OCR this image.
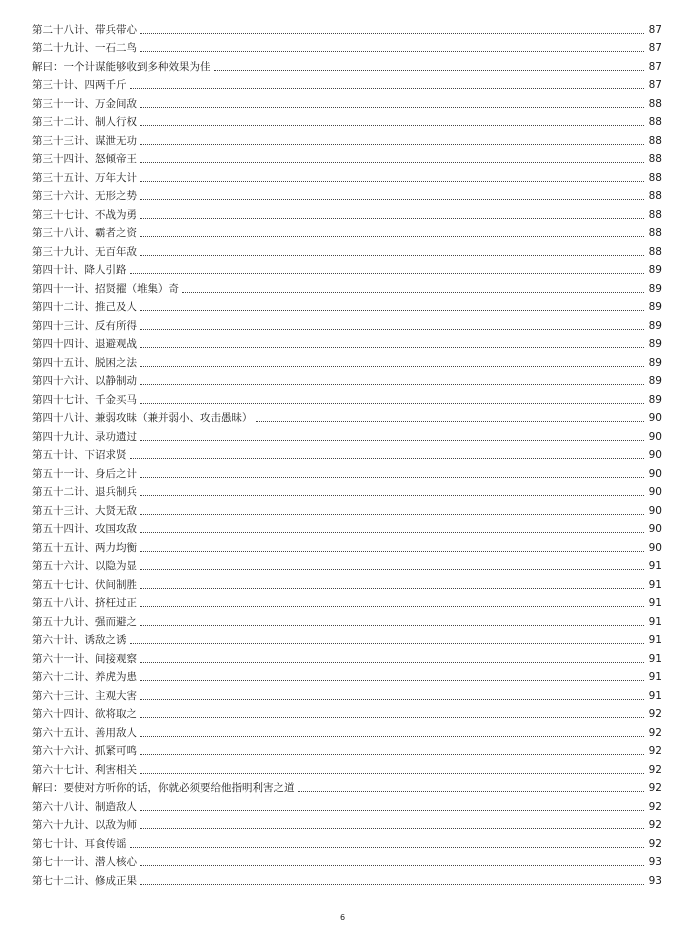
第二十八计、带兵带心	87
第二十九计、一石二鸟	87
解曰：一个计谋能够收到多种效果为佳	87
第三十计、四两千斤	87
第三十一计、万金间敌	88
第三十二计、制人行权	88
第三十三计、谋泄无功	88
第三十四计、怒倾帝王	88
第三十五计、万年大计	88
第三十六计、无形之势	88
第三十七计、不战为勇	88
第三十八计、霸者之资	88
第三十九计、无百年敌	88
第四十计、降人引路	89
第四十一计、招贤擢（堆集）奇	89
第四十二计、推己及人	89
第四十三计、反有所得	89
第四十四计、退避观战	89
第四十五计、脱困之法	89
第四十六计、以静制动	89
第四十七计、千金买马	89
第四十八计、兼弱攻昧（兼并弱小、攻击愚昧）	90
第四十九计、录功遗过	90
第五十计、下诏求贤	90
第五十一计、身后之计	90
第五十二计、退兵制兵	90
第五十三计、大贤无敌	90
第五十四计、攻国攻敌	90
第五十五计、两力均衡	90
第五十六计、以隐为显	91
第五十七计、伏间制胜	91
第五十八计、挤枉过正	91
第五十九计、强而避之	91
第六十计、诱敌之诱	91
第六十一计、间接观察	91
第六十二计、养虎为患	91
第六十三计、主观大害	91
第六十四计、欲将取之	92
第六十五计、善用敌人	92
第六十六计、抓紧可鸣	92
第六十七计、利害相关	92
解曰：要使对方听你的话，你就必须要给他指明利害之道	92
第六十八计、制造敌人	92
第六十九计、以敌为师	92
第七十计、耳食传谣	92
第七十一计、潜人核心	93
第七十二计、修成正果	93
6
